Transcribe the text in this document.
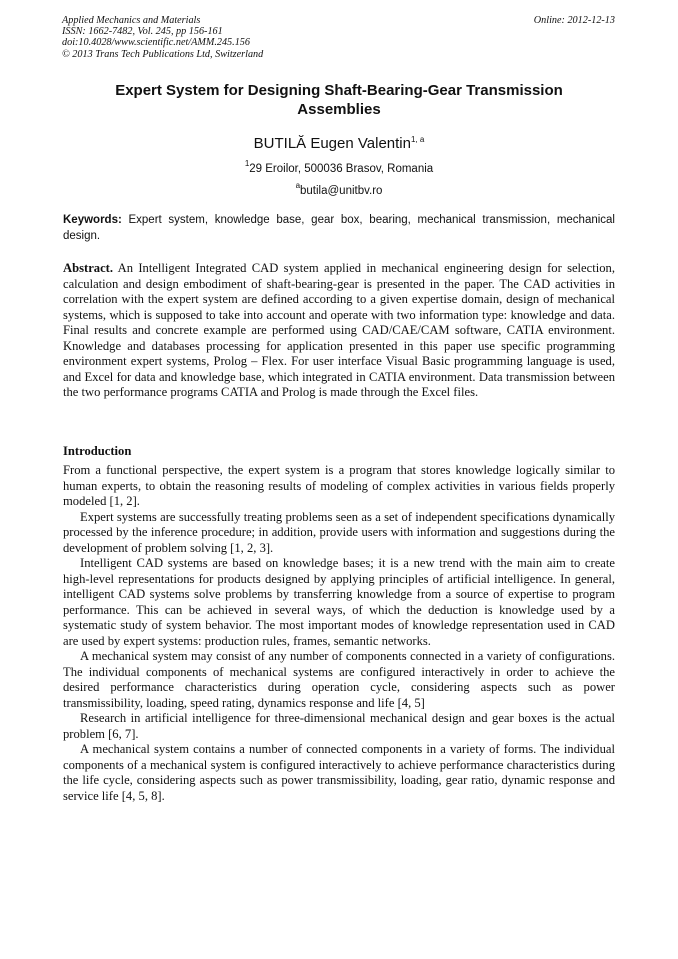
Applied Mechanics and Materials
ISSN: 1662-7482, Vol. 245, pp 156-161
doi:10.4028/www.scientific.net/AMM.245.156
© 2013 Trans Tech Publications Ltd, Switzerland
Online: 2012-12-13
Expert System for Designing Shaft-Bearing-Gear Transmission Assemblies
BUTILĂ Eugen Valentin$^{1, a}$
$^1$29 Eroilor, 500036 Brasov, Romania
$^a$butila@unitbv.ro
Keywords: Expert system, knowledge base, gear box, bearing, mechanical transmission, mechanical design.
Abstract. An Intelligent Integrated CAD system applied in mechanical engineering design for selection, calculation and design embodiment of shaft-bearing-gear is presented in the paper. The CAD activities in correlation with the expert system are defined according to a given expertise domain, design of mechanical systems, which is supposed to take into account and operate with two information type: knowledge and data. Final results and concrete example are performed using CAD/CAE/CAM software, CATIA environment. Knowledge and databases processing for application presented in this paper use specific programming environment expert systems, Prolog – Flex. For user interface Visual Basic programming language is used, and Excel for data and knowledge base, which integrated in CATIA environment. Data transmission between the two performance programs CATIA and Prolog is made through the Excel files.
Introduction

From a functional perspective, the expert system is a program that stores knowledge logically similar to human experts, to obtain the reasoning results of modeling of complex activities in various fields properly modeled [1, 2].

Expert systems are successfully treating problems seen as a set of independent specifications dynamically processed by the inference procedure; in addition, provide users with information and suggestions during the development of problem solving [1, 2, 3].

Intelligent CAD systems are based on knowledge bases; it is a new trend with the main aim to create high-level representations for products designed by applying principles of artificial intelligence. In general, intelligent CAD systems solve problems by transferring knowledge from a source of expertise to program performance. This can be achieved in several ways, of which the deduction is knowledge used by a systematic study of system behavior. The most important modes of knowledge representation used in CAD are used by expert systems: production rules, frames, semantic networks.

A mechanical system may consist of any number of components connected in a variety of configurations. The individual components of mechanical systems are configured interactively in order to achieve the desired performance characteristics during operation cycle, considering aspects such as power transmissibility, loading, speed rating, dynamics response and life [4, 5]

Research in artificial intelligence for three-dimensional mechanical design and gear boxes is the actual problem [6, 7].

A mechanical system contains a number of connected components in a variety of forms. The individual components of a mechanical system is configured interactively to achieve performance characteristics during the life cycle, considering aspects such as power transmissibility, loading, gear ratio, dynamic response and service life [4, 5, 8].
